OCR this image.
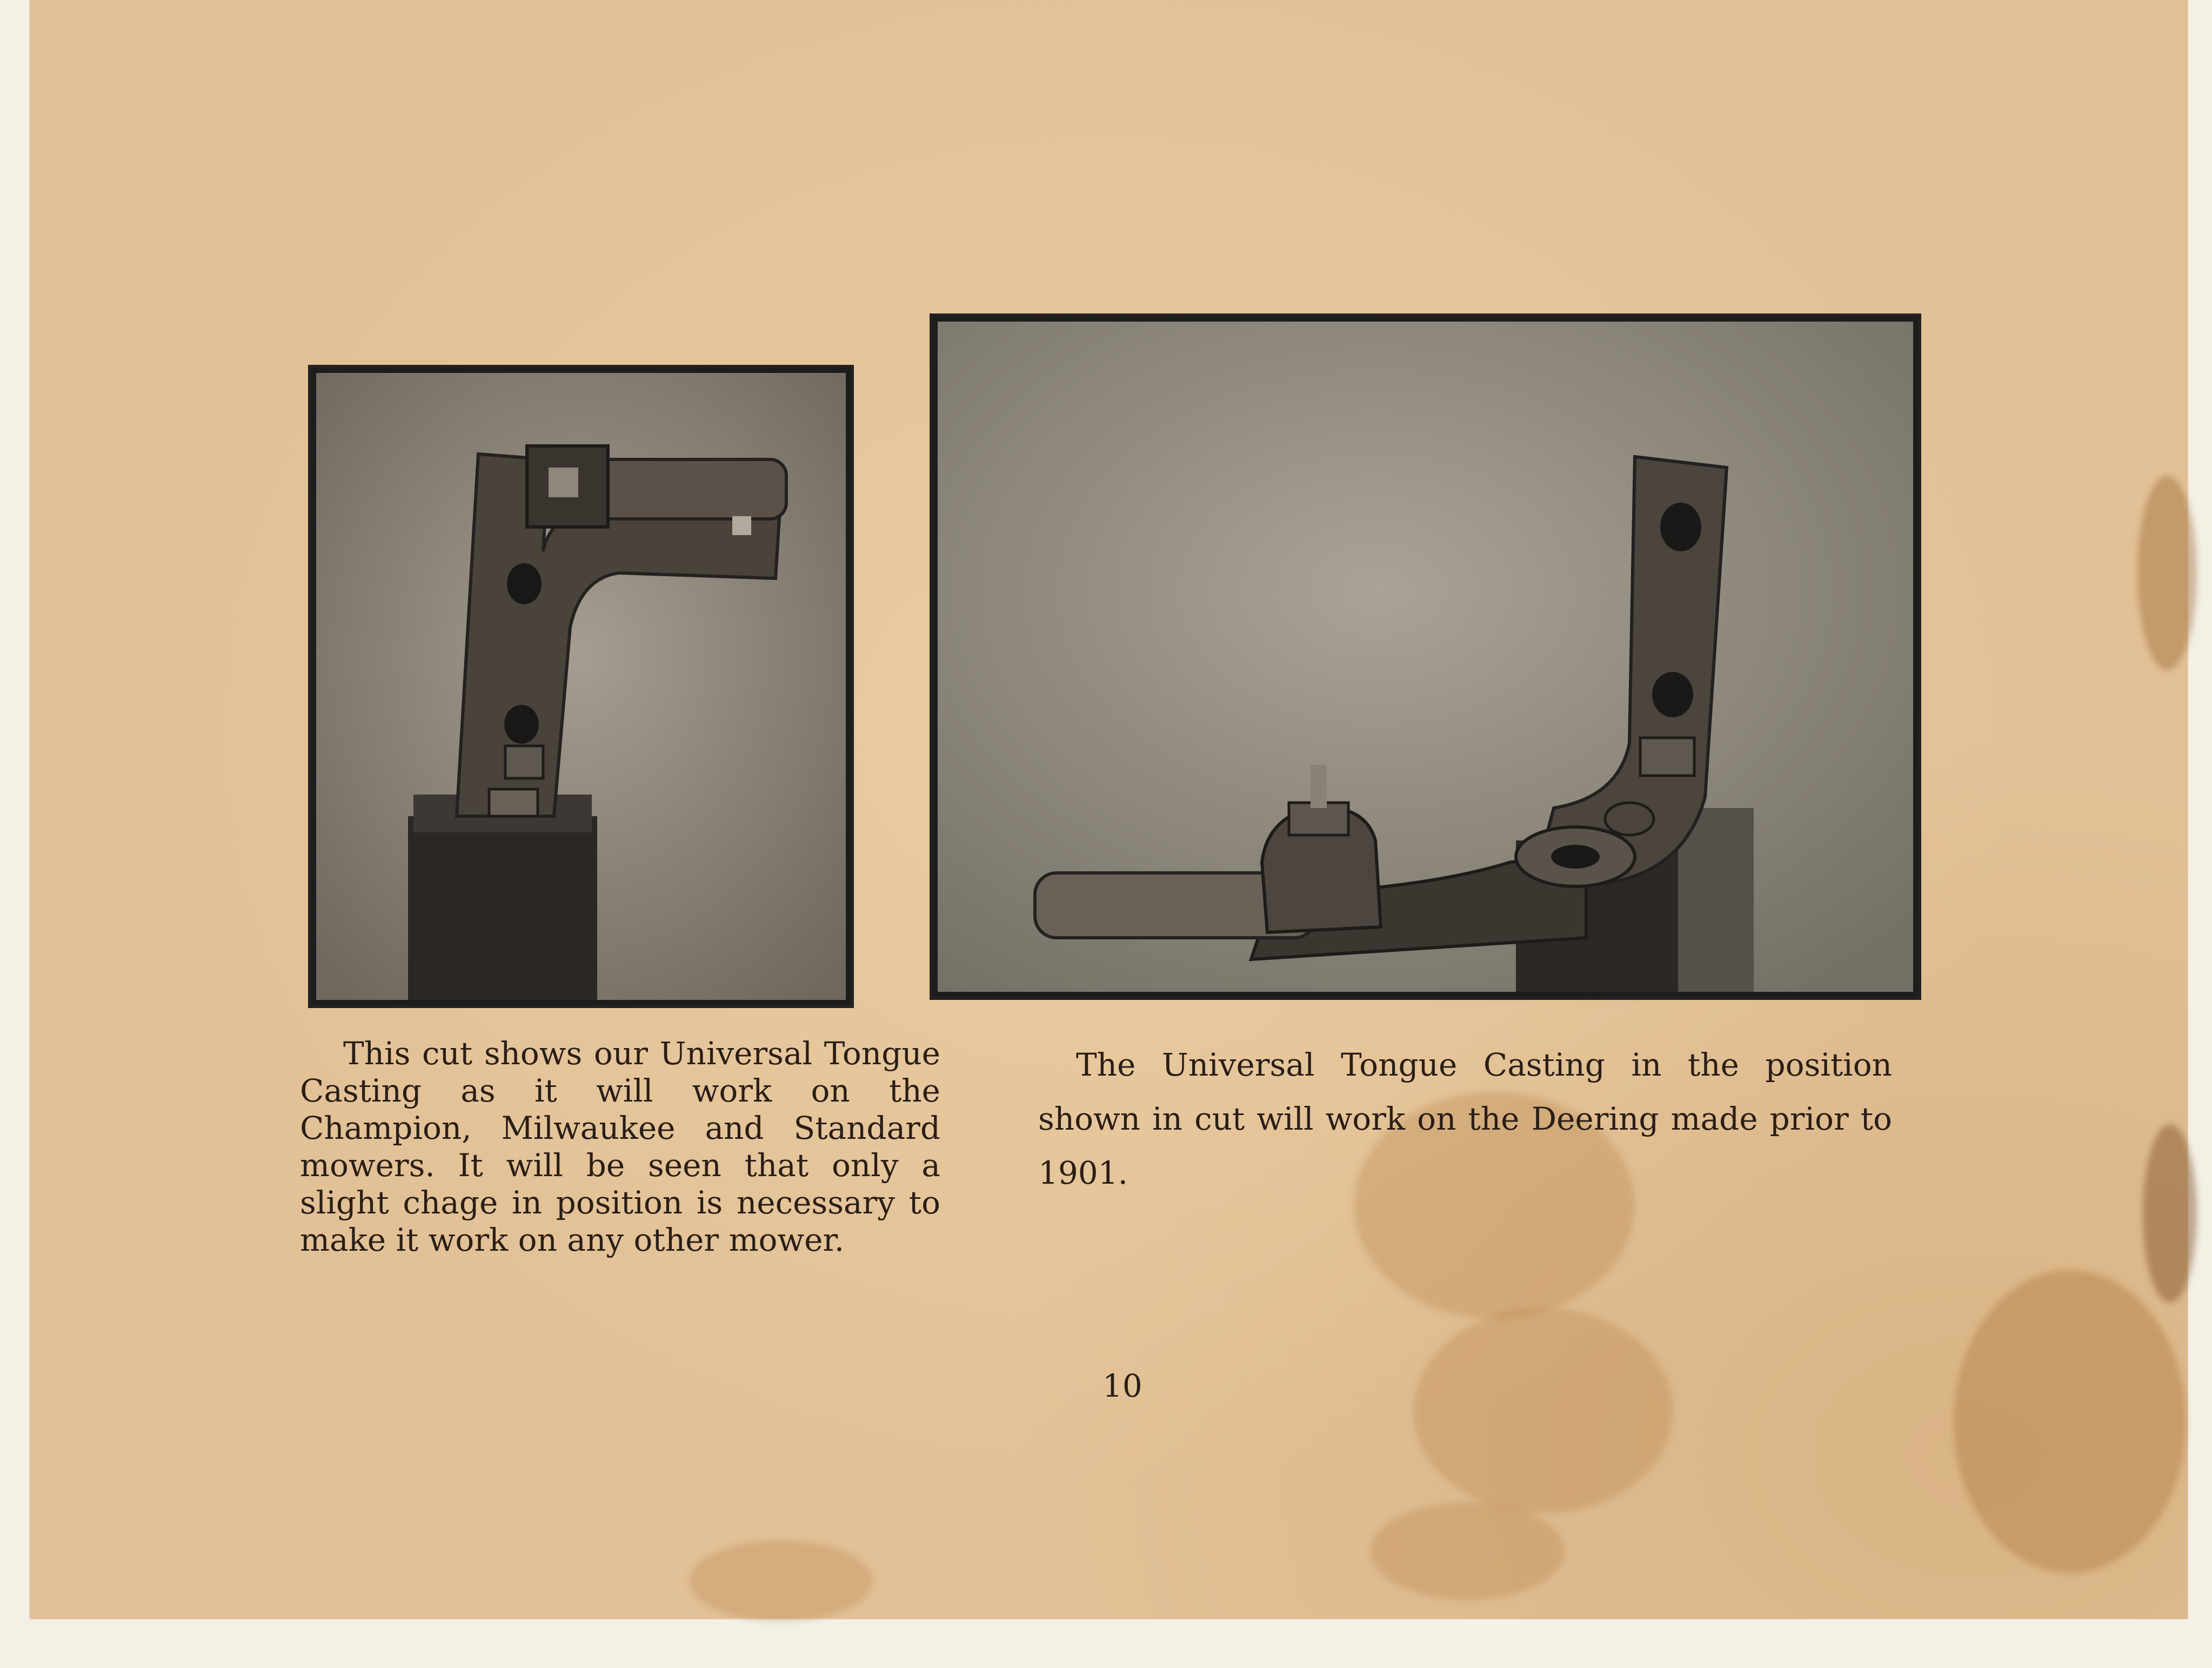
This cut shows our Universal Tongue Casting as it will work on the Champion, Milwaukee and Standard mowers. It will be seen that only a slight chage in position is necessary to make it work on any other mower.

The Universal Tongue Casting in the position shown in cut will work on the Deering made prior to 1901.

10
